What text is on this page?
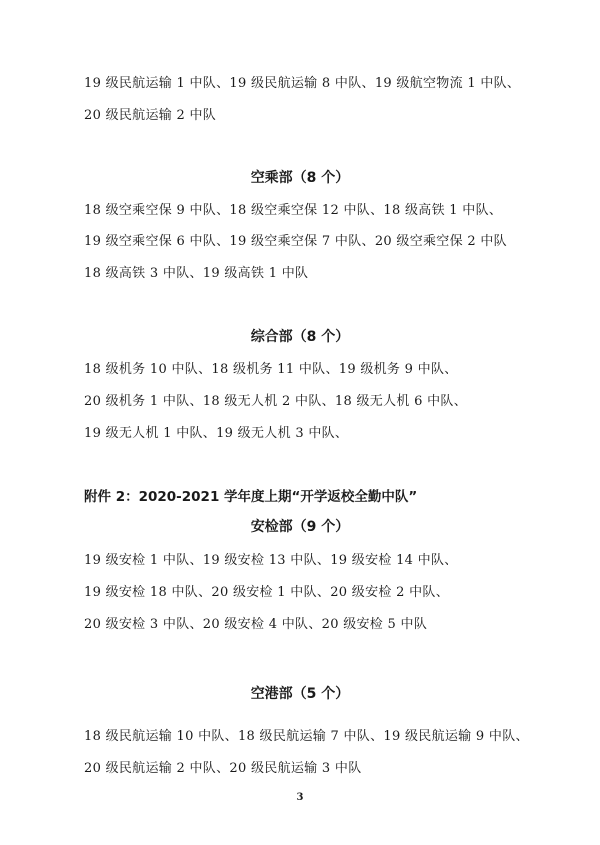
19 级民航运输 1 中队、19 级民航运输 8 中队、19 级航空物流 1 中队、
20 级民航运输 2 中队
空乘部（8 个）
18 级空乘空保 9 中队、18 级空乘空保 12 中队、18 级高铁 1 中队、
19 级空乘空保 6 中队、19 级空乘空保 7 中队、20 级空乘空保 2 中队
18 级高铁 3 中队、19 级高铁 1 中队
综合部（8 个）
18 级机务 10 中队、18 级机务 11 中队、19 级机务 9 中队、
20 级机务 1 中队、18 级无人机 2 中队、18 级无人机 6 中队、
19 级无人机 1 中队、19 级无人机 3 中队、
附件 2：2020-2021 学年度上期“开学返校全勤中队”
安检部（9 个）
19 级安检 1 中队、19 级安检 13 中队、19 级安检 14 中队、
19 级安检 18 中队、20 级安检 1 中队、20 级安检 2 中队、
20 级安检 3 中队、20 级安检 4 中队、20 级安检 5 中队
空港部（5 个）
18 级民航运输 10 中队、18 级民航运输 7 中队、19 级民航运输 9 中队、
20 级民航运输 2 中队、20 级民航运输 3 中队
3
